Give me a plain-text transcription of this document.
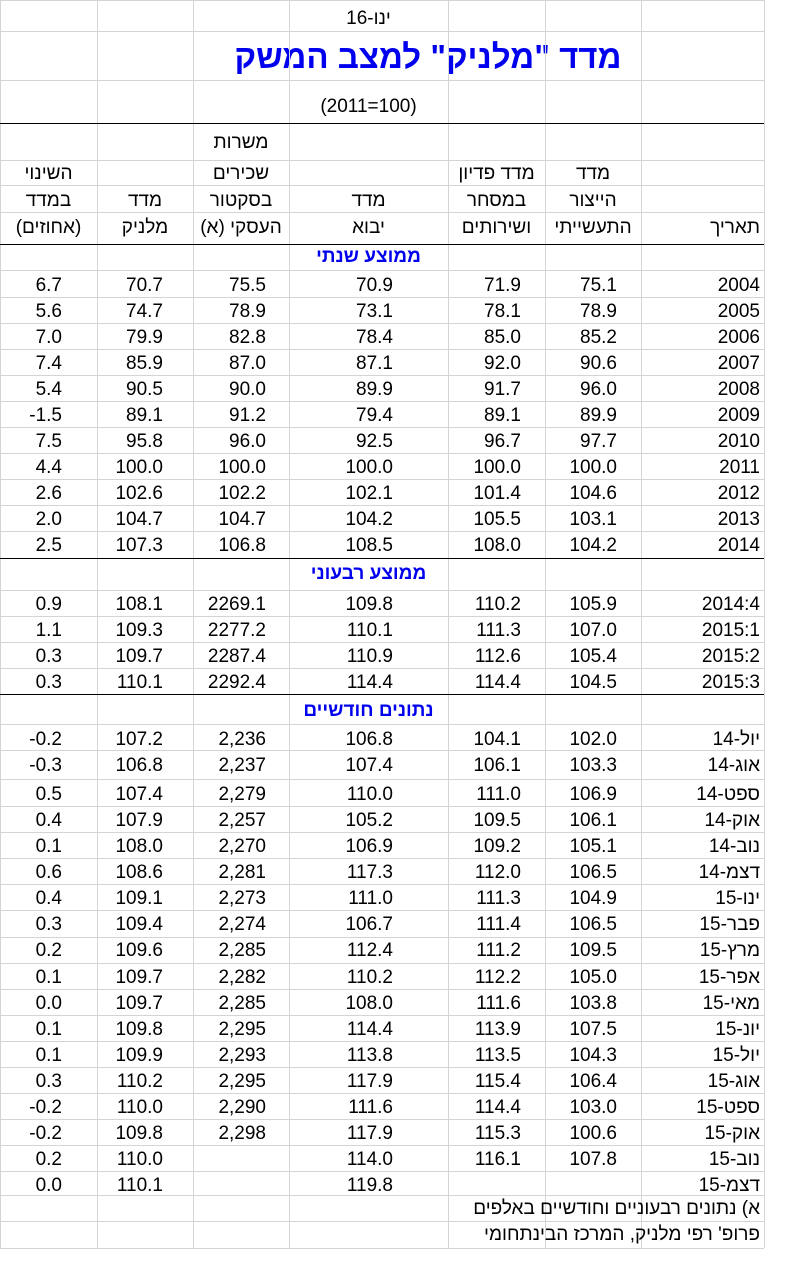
ינו-16
מדד "מלניק" למצב המשק
(2011=100)
תאריך
מדד
הייצור
התעשייתי
מדד פדיון
במסחר
ושירותים
מדד
יבוא
משרות
שכירים
בסקטור
העסקי (א)
מדד
מלניק
השינוי
במדד
(אחוזים)
ממוצע שנתי
ממוצע רבעוני
נתונים חודשיים
2004
75.1
71.9
70.9
75.5
70.7
6.7
2005
78.9
78.1
73.1
78.9
74.7
5.6
2006
85.2
85.0
78.4
82.8
79.9
7.0
2007
90.6
92.0
87.1
87.0
85.9
7.4
2008
96.0
91.7
89.9
90.0
90.5
5.4
2009
89.9
89.1
79.4
91.2
89.1
-1.5
2010
97.7
96.7
92.5
96.0
95.8
7.5
2011
100.0
100.0
100.0
100.0
100.0
4.4
2012
104.6
101.4
102.1
102.2
102.6
2.6
2013
103.1
105.5
104.2
104.7
104.7
2.0
2014
104.2
108.0
108.5
106.8
107.3
2.5
2014:4
105.9
110.2
109.8
2269.1
108.1
0.9
2015:1
107.0
111.3
110.1
2277.2
109.3
1.1
2015:2
105.4
112.6
110.9
2287.4
109.7
0.3
2015:3
104.5
114.4
114.4
2292.4
110.1
0.3
יול-14
102.0
104.1
106.8
2,236
107.2
-0.2
אוג-14
103.3
106.1
107.4
2,237
106.8
-0.3
ספט-14
106.9
111.0
110.0
2,279
107.4
0.5
אוק-14
106.1
109.5
105.2
2,257
107.9
0.4
נוב-14
105.1
109.2
106.9
2,270
108.0
0.1
דצמ-14
106.5
112.0
117.3
2,281
108.6
0.6
ינו-15
104.9
111.3
111.0
2,273
109.1
0.4
פבר-15
106.5
111.4
106.7
2,274
109.4
0.3
מרץ-15
109.5
111.2
112.4
2,285
109.6
0.2
אפר-15
105.0
112.2
110.2
2,282
109.7
0.1
מאי-15
103.8
111.6
108.0
2,285
109.7
0.0
יונ-15
107.5
113.9
114.4
2,295
109.8
0.1
יול-15
104.3
113.5
113.8
2,293
109.9
0.1
אוג-15
106.4
115.4
117.9
2,295
110.2
0.3
ספט-15
103.0
114.4
111.6
2,290
110.0
-0.2
אוק-15
100.6
115.3
117.9
2,298
109.8
-0.2
נוב-15
107.8
116.1
114.0
110.0
0.2
דצמ-15
119.8
110.1
0.0
א) נתונים רבעוניים וחודשיים באלפים
פרופ' רפי מלניק, המרכז הבינתחומי
